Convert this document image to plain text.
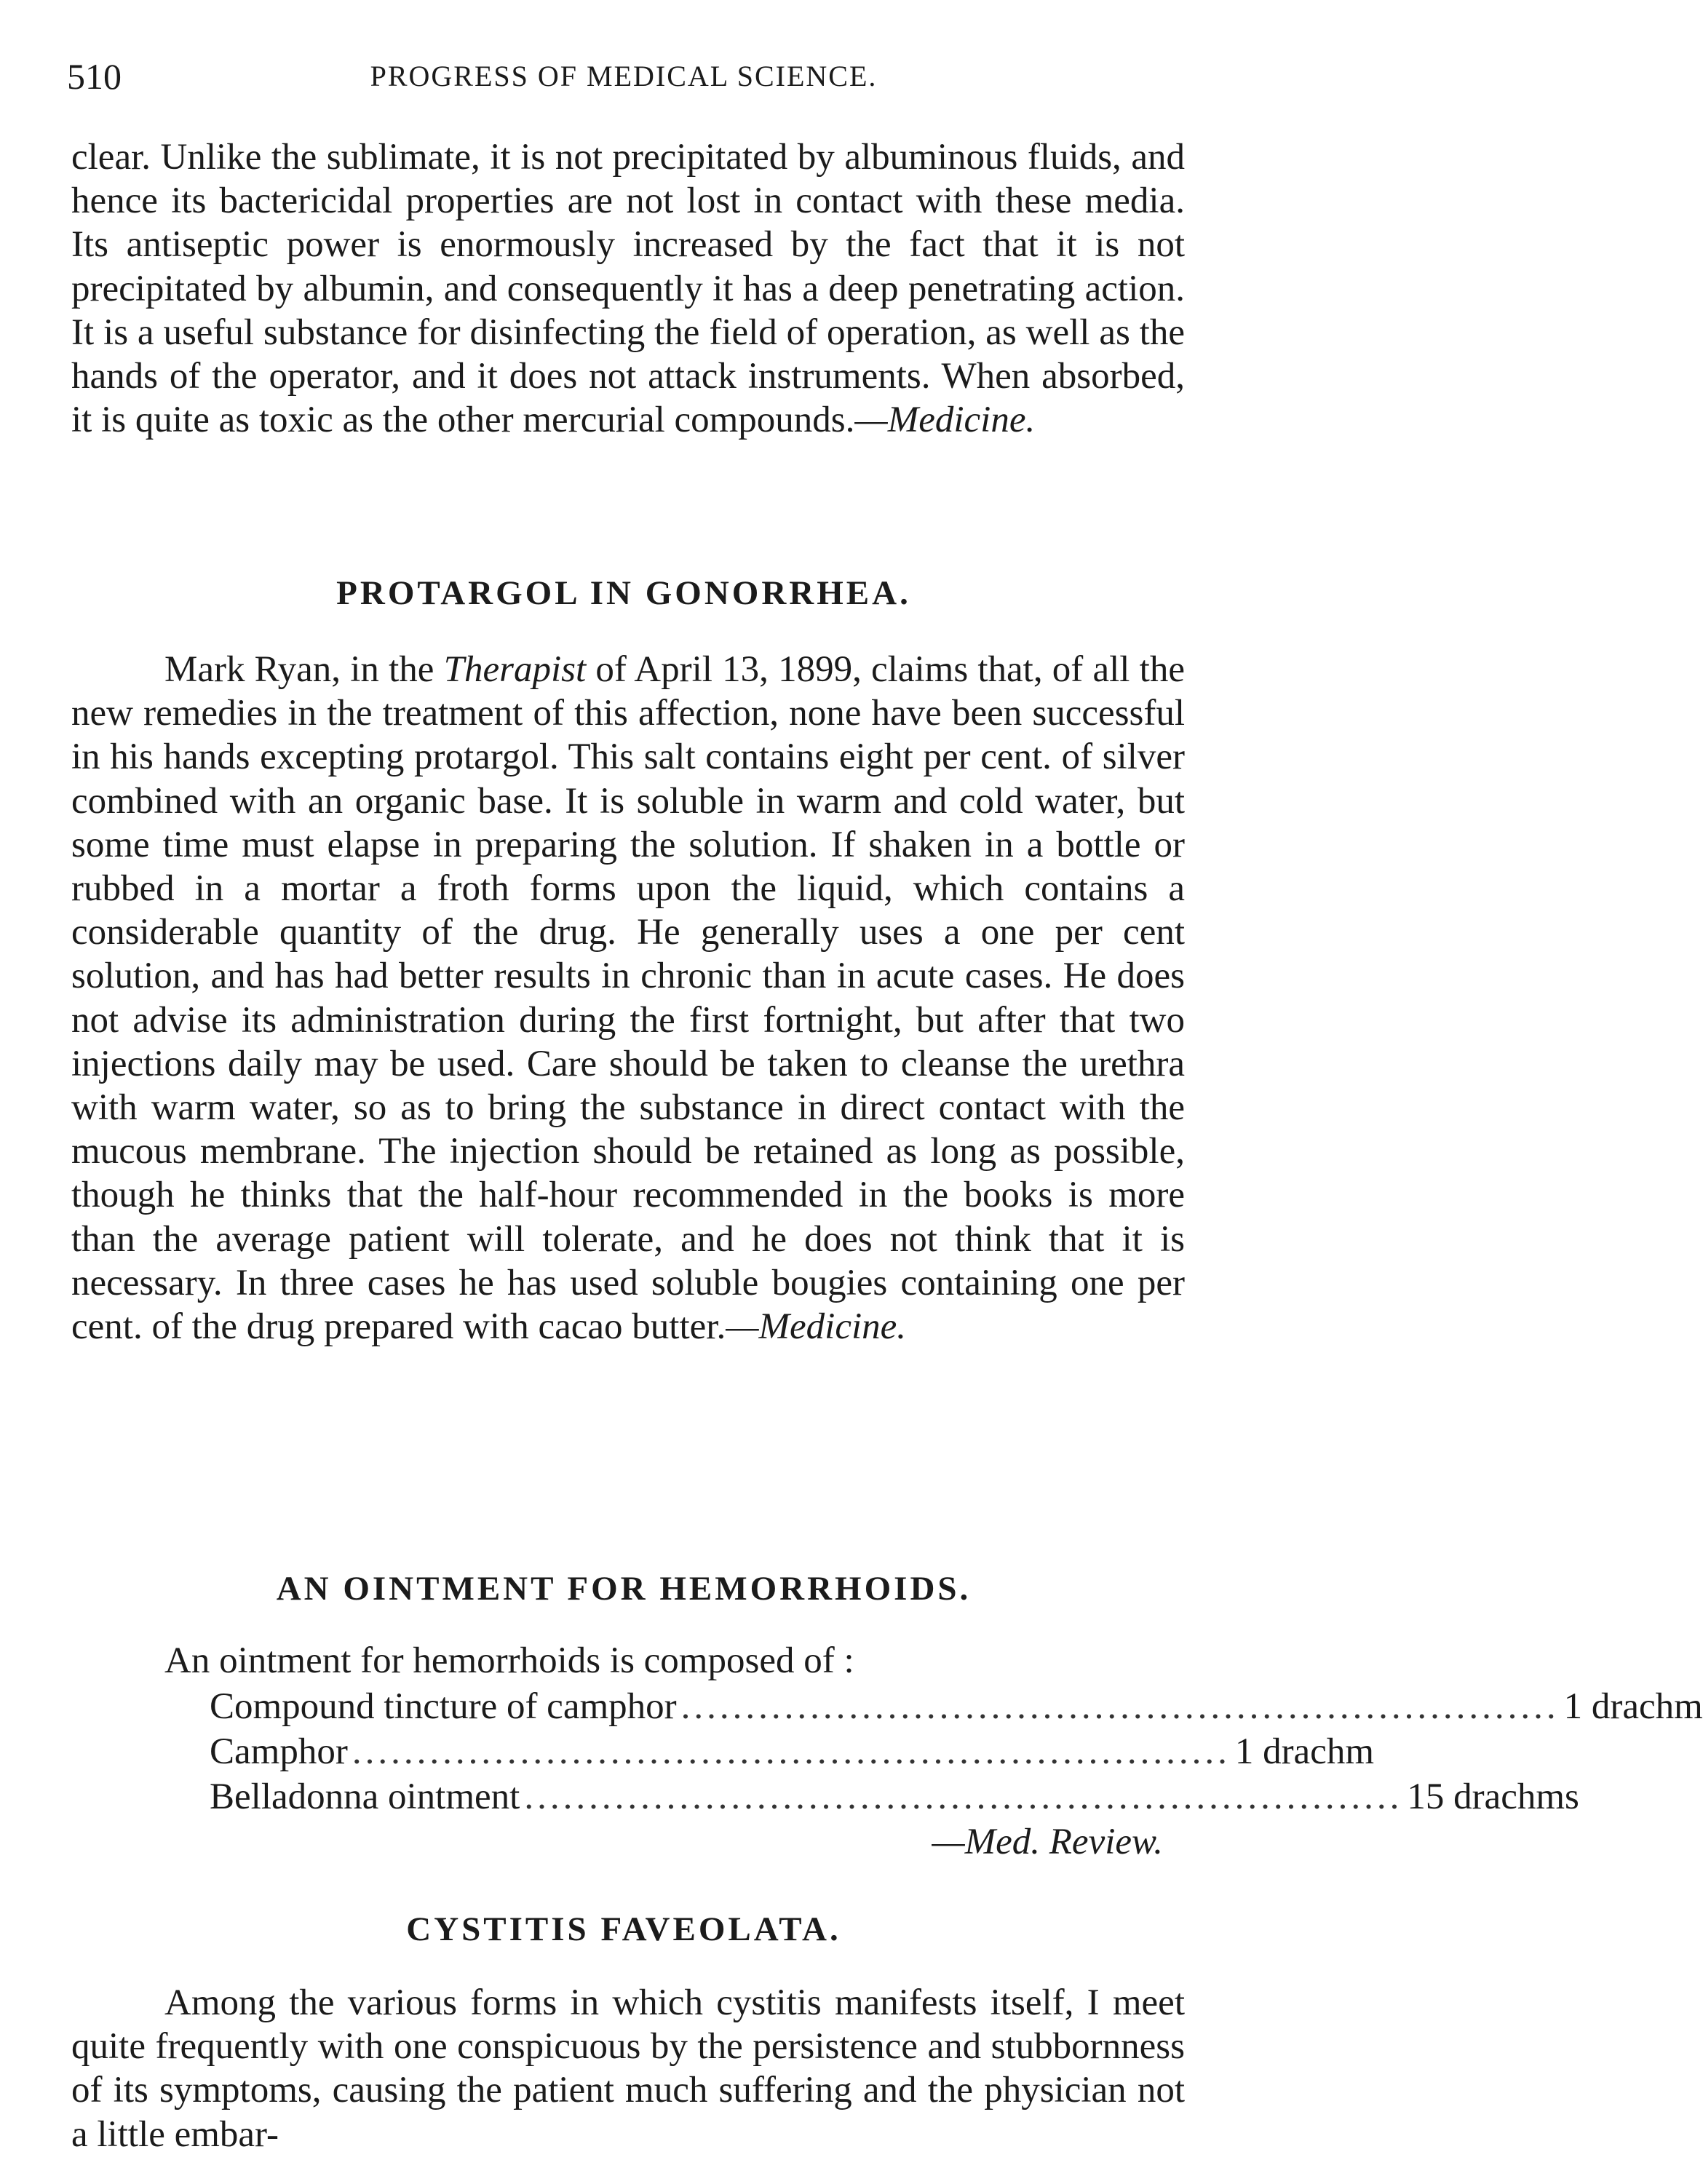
510	PROGRESS OF MEDICAL SCIENCE.

clear. Unlike the sublimate, it is not precipitated by albuminous fluids, and hence its bactericidal properties are not lost in contact with these media. Its antiseptic power is enormously increased by the fact that it is not precipitated by albumin, and consequently it has a deep penetrating action. It is a useful substance for disinfecting the field of operation, as well as the hands of the operator, and it does not attack instruments. When absorbed, it is quite as toxic as the other mercurial compounds.—Medicine.

PROTARGOL IN GONORRHEA.

Mark Ryan, in the Therapist of April 13, 1899, claims that, of all the new remedies in the treatment of this affection, none have been successful in his hands excepting protargol. This salt contains eight per cent. of silver combined with an organic base. It is soluble in warm and cold water, but some time must elapse in preparing the solution. If shaken in a bottle or rubbed in a mortar a froth forms upon the liquid, which contains a considerable quantity of the drug. He generally uses a one per cent solution, and has had better results in chronic than in acute cases. He does not advise its administration during the first fortnight, but after that two injections daily may be used. Care should be taken to cleanse the urethra with warm water, so as to bring the substance in direct contact with the mucous membrane. The injection should be retained as long as possible, though he thinks that the half-hour recommended in the books is more than the average patient will tolerate, and he does not think that it is necessary. In three cases he has used soluble bougies containing one per cent. of the drug prepared with cacao butter.—Medicine.

AN OINTMENT FOR HEMORRHOIDS.

An ointment for hemorrhoids is composed of :

Compound tincture of camphor .................................................................... 1 drachm
Camphor .................................................................... 1 drachm
Belladonna ointment .................................................................... 15 drachms

—Med. Review.

CYSTITIS FAVEOLATA.

Among the various forms in which cystitis manifests itself, I meet quite frequently with one conspicuous by the persistence and stubbornness of its symptoms, causing the patient much suffering and the physician not a little embar-
